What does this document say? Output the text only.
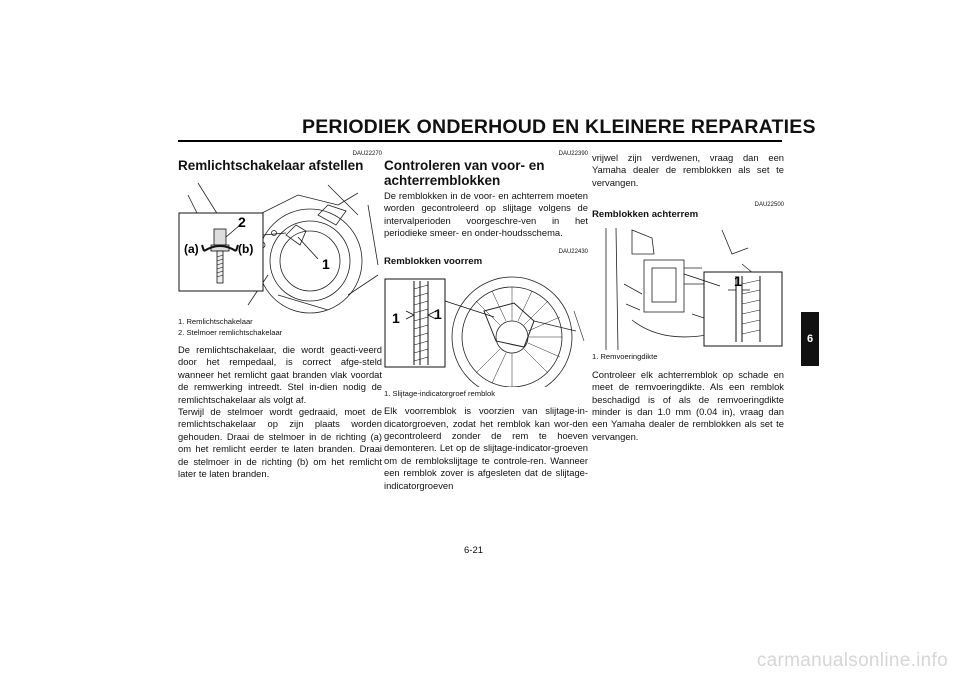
PERIODIEK ONDERHOUD EN KLEINERE REPARATIES
DAU22270
Remlichtschakelaar afstellen
2
(a)	(b)
1
1. Remlichtschakelaar
2. Stelmoer remlichtschakelaar

De remlichtschakelaar, die wordt geacti-veerd door het rempedaal, is correct afge-steld wanneer het remlicht gaat branden vlak voordat de remwerking intreedt. Stel in-dien nodig de remlichtschakelaar als volgt af.

Terwijl de stelmoer wordt gedraaid, moet de remlichtschakelaar op zijn plaats worden gehouden. Draai de stelmoer in de richting (a) om het remlicht eerder te laten branden. Draai de stelmoer in de richting (b) om het remlicht later te laten branden.

DAU22390
Controleren van voor- en achterremblokken

De remblokken in de voor- en achterrem moeten worden gecontroleerd op slijtage volgens de intervalperioden voorgeschre-ven in het periodieke smeer- en onder-houdsschema.

DAU22430
Remblokken voorrem
1 1
1. Slijtage-indicatorgroef remblok

Elk voorremblok is voorzien van slijtage-in-dicatorgroeven, zodat het remblok kan wor-den gecontroleerd zonder de rem te hoeven demonteren. Let op de slijtage-indicator-groeven om de remblokslijtage te controle-ren. Wanneer een remblok zover is afgesleten dat de slijtage-indicatorgroeven

vrijwel zijn verdwenen, vraag dan een Yamaha dealer de remblokken als set te vervangen.

DAU22500
Remblokken achterrem
1
1. Remvoeringdikte

Controleer elk achterremblok op schade en meet de remvoeringdikte. Als een remblok beschadigd is of als de remvoeringdikte minder is dan 1.0 mm (0.04 in), vraag dan een Yamaha dealer de remblokken als set te vervangen.

6
6-21
carmanualsonline.info
